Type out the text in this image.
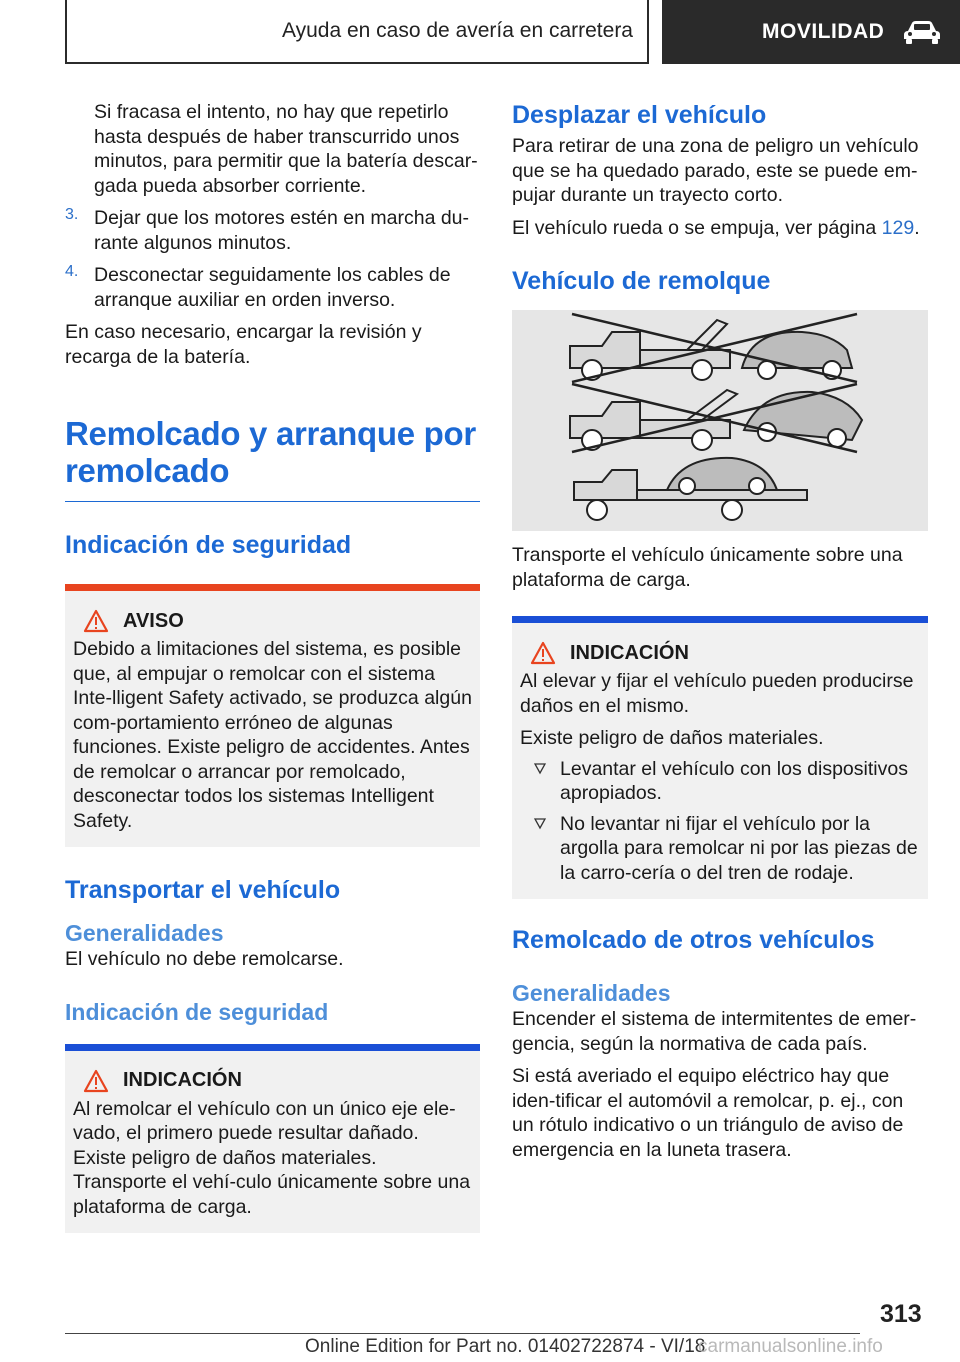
Ayuda en caso de avería en carretera	MOVILIDAD

Si fracasa el intento, no hay que repetirlo hasta después de haber transcurrido unos minutos, para permitir que la batería descar-gada pueda absorber corriente.

3. Dejar que los motores estén en marcha du-rante algunos minutos.

4. Desconectar seguidamente los cables de arranque auxiliar en orden inverso.

En caso necesario, encargar la revisión y recarga de la batería.

Remolcado y arranque por remolcado
Indicación de seguridad
AVISO

Debido a limitaciones del sistema, es posible que, al empujar o remolcar con el sistema Inte-lligent Safety activado, se produzca algún com-portamiento erróneo de algunas funciones. Existe peligro de accidentes. Antes de remolcar o arrancar por remolcado, desconectar todos los sistemas Intelligent Safety.

Transportar el vehículo
Generalidades

El vehículo no debe remolcarse.

Indicación de seguridad
INDICACIÓN

Al remolcar el vehículo con un único eje ele-vado, el primero puede resultar dañado. Existe peligro de daños materiales. Transporte el vehí-culo únicamente sobre una plataforma de carga.

Desplazar el vehículo

Para retirar de una zona de peligro un vehículo que se ha quedado parado, este se puede em-pujar durante un trayecto corto.

El vehículo rueda o se empuja, ver página 129.

Vehículo de remolque

Transporte el vehículo únicamente sobre una plataforma de carga.

INDICACIÓN

Al elevar y fijar el vehículo pueden producirse daños en el mismo.

Existe peligro de daños materiales.

Levantar el vehículo con los dispositivos apropiados.

No levantar ni fijar el vehículo por la argolla para remolcar ni por las piezas de la carro-cería o del tren de rodaje.

Remolcado de otros vehículos
Generalidades

Encender el sistema de intermitentes de emer-gencia, según la normativa de cada país.

Si está averiado el equipo eléctrico hay que iden-tificar el automóvil a remolcar, p. ej., con un rótulo indicativo o un triángulo de aviso de emergencia en la luneta trasera.

313
Online Edition for Part no. 01402722874 - VI/18
carmanualsonline.info
